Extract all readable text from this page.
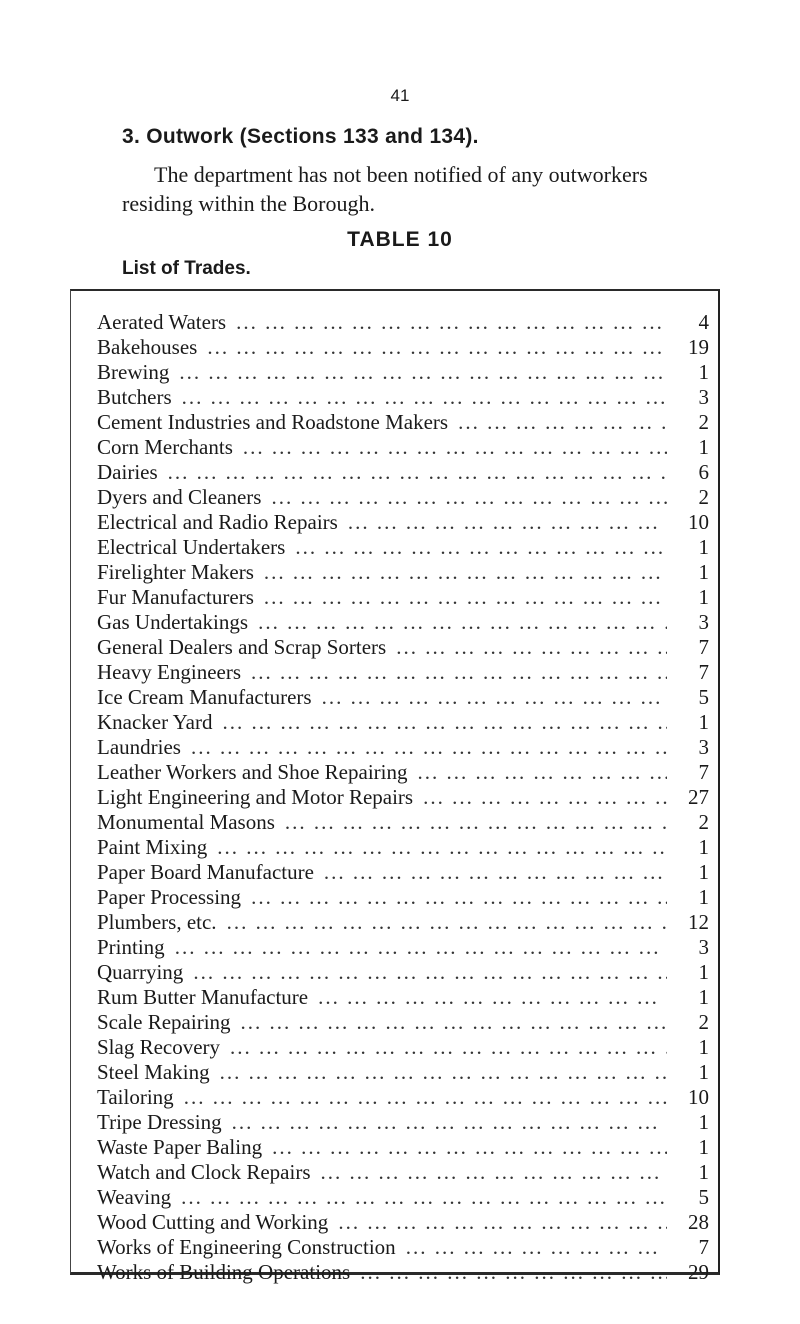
41
3. Outwork (Sections 133 and 134).
The department has not been notified of any outworkers residing within the Borough.
TABLE 10
List of Trades.
Aerated Waters ... .	4
Bakehouses ... .	19
Brewing ... .	1
Butchers ... .	3
Cement Industries and Roadstone Makers ... .	2
Corn Merchants ... .	1
Dairies ... .	6
Dyers and Cleaners ... .	2
Electrical and Radio Repairs ... .	10
Electrical Undertakers ... .	1
Firelighter Makers ... .	1
Fur Manufacturers ... .	1
Gas Undertakings ... .	3
General Dealers and Scrap Sorters ... .	7
Heavy Engineers ... .	7
Ice Cream Manufacturers ... .	5
Knacker Yard ... .	1
Laundries ... .	3
Leather Workers and Shoe Repairing ... .	7
Light Engineering and Motor Repairs ... .	27
Monumental Masons ... .	2
Paint Mixing ... .	1
Paper Board Manufacture ... .	1
Paper Processing ... .	1
Plumbers, etc. ... .	12
Printing ... .	3
Quarrying ... .	1
Rum Butter Manufacture ... .	1
Scale Repairing ... .	2
Slag Recovery ... .	1
Steel Making ... .	1
Tailoring ... .	10
Tripe Dressing ... .	1
Waste Paper Baling ... .	1
Watch and Clock Repairs ... .	1
Weaving ... .	5
Wood Cutting and Working ... .	28
Works of Engineering Construction ... .	7
Works of Building Operations ... .	29
